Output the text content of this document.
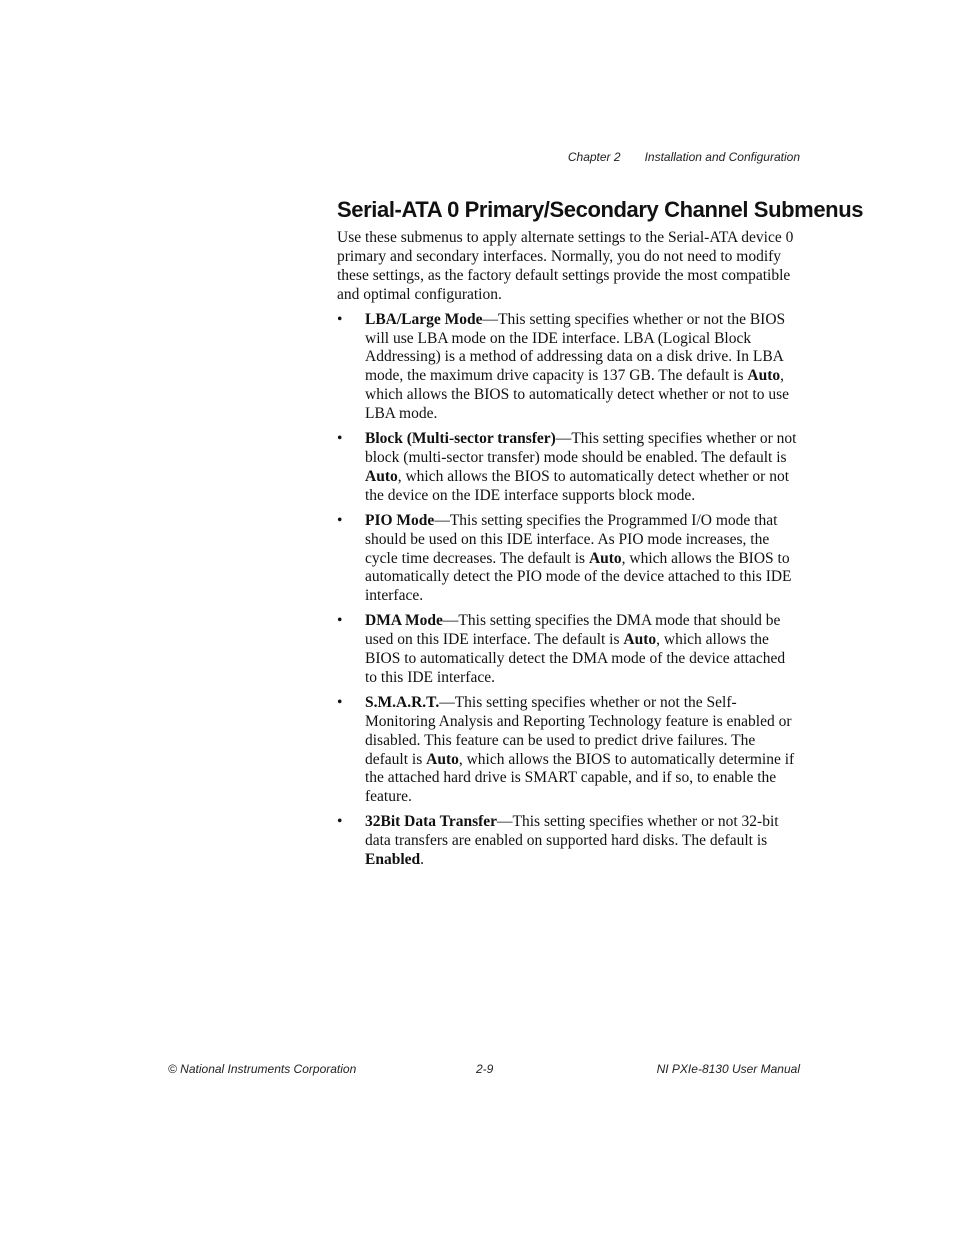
Chapter 2 Installation and Configuration
Serial-ATA 0 Primary/Secondary Channel Submenus

Use these submenus to apply alternate settings to the Serial-ATA device 0 primary and secondary interfaces. Normally, you do not need to modify these settings, as the factory default settings provide the most compatible and optimal configuration.

• LBA/Large Mode—This setting specifies whether or not the BIOS will use LBA mode on the IDE interface. LBA (Logical Block Addressing) is a method of addressing data on a disk drive. In LBA mode, the maximum drive capacity is 137 GB. The default is Auto, which allows the BIOS to automatically detect whether or not to use LBA mode.
• Block (Multi-sector transfer)—This setting specifies whether or not block (multi-sector transfer) mode should be enabled. The default is Auto, which allows the BIOS to automatically detect whether or not the device on the IDE interface supports block mode.
• PIO Mode—This setting specifies the Programmed I/O mode that should be used on this IDE interface. As PIO mode increases, the cycle time decreases. The default is Auto, which allows the BIOS to automatically detect the PIO mode of the device attached to this IDE interface.
• DMA Mode—This setting specifies the DMA mode that should be used on this IDE interface. The default is Auto, which allows the BIOS to automatically detect the DMA mode of the device attached to this IDE interface.
• S.M.A.R.T.—This setting specifies whether or not the Self-Monitoring Analysis and Reporting Technology feature is enabled or disabled. This feature can be used to predict drive failures. The default is Auto, which allows the BIOS to automatically determine if the attached hard drive is SMART capable, and if so, to enable the feature.
• 32Bit Data Transfer—This setting specifies whether or not 32-bit data transfers are enabled on supported hard disks. The default is Enabled.
© National Instruments Corporation	2-9	NI PXIe-8130 User Manual
